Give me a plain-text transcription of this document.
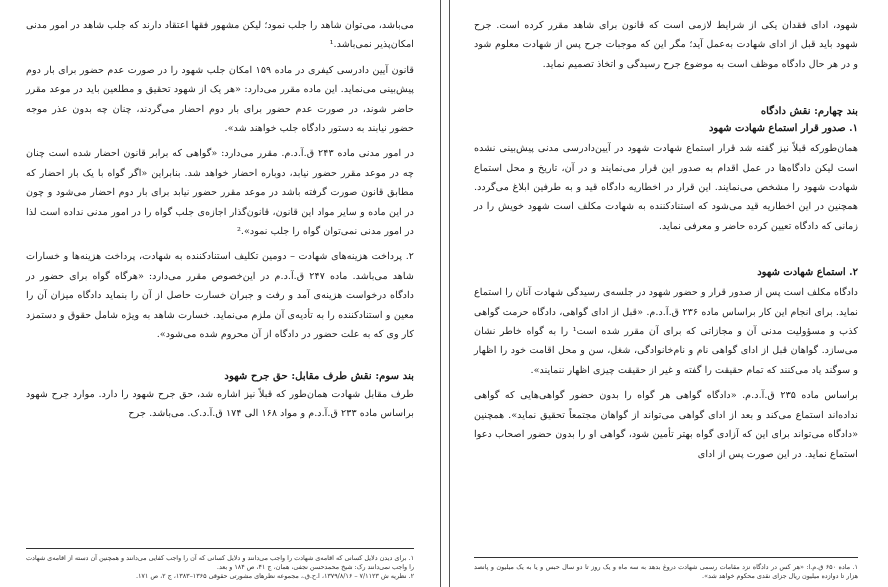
شهود، ادای فقدان یکی از شرایط لازمی است که قانون برای شاهد مقرر کرده است. جرح شهود باید قبل از ادای شهادت به‌عمل آید؛ مگر این که موجبات جرح پس از شهادت معلوم شود و در هر حال دادگاه موظف است به موضوع جرح رسیدگی و اتخاذ تصمیم نماید.

بند چهارم: نقش دادگاه

۱. صدور قرار استماع شهادت شهود

همان‌طورکه قبلاً نیز گفته شد قرار استماع شهادت شهود در آیین‌دادرسی مدنی پیش‌بینی نشده است لیکن دادگاه‌ها در عمل اقدام به صدور این قرار می‌نمایند و در آن، تاریخ و محل استماع شهادت شهود را مشخص می‌نمایند. این قرار در اخطاریه دادگاه قید و به طرفین ابلاغ می‌گردد. همچنین در این اخطاریه قید می‌شود که استنادکننده به شهادت مکلف است شهود خویش را در زمانی که دادگاه تعیین کرده حاضر و معرفی نماید.

۲. استماع شهادت شهود

دادگاه مکلف است پس از صدور قرار و حضور شهود در جلسه‌ی رسیدگی شهادت آنان را استماع نماید. برای انجام این کار براساس ماده ۲۳۶ ق.آ.د.م. «قبل از ادای گواهی، دادگاه حرمت گواهی کذب و مسؤولیت مدنی آن و مجازاتی که برای آن مقرر شده است¹ را به گواه خاطر نشان می‌سازد. گواهان قبل از ادای گواهی نام و نام‌خانوادگی، شغل، سن و محل اقامت خود را اظهار و سوگند یاد می‌کنند که تمام حقیقت را گفته و غیر از حقیقت چیزی اظهار ننمایند».

براساس ماده ۲۳۵ ق.آ.د.م. «دادگاه گواهی هر گواه را بدون حضور گواهی‌هایی که گواهی نداده‌اند استماع می‌کند و بعد از ادای گواهی می‌تواند از گواهان مجتمعاً تحقیق نماید». همچنین «دادگاه می‌تواند برای این که آزادی گواه بهتر تأمین شود، گواهی او را بدون حضور اصحاب دعوا استماع نماید. در این صورت پس از ادای

۱. ماده ۶۵۰ ق.م.ا: «هر کس در دادگاه نزد مقامات رسمی شهادت دروغ بدهد به سه ماه و یک روز تا دو سال حبس و یا به یک میلیون و پانصد هزار تا دوازده میلیون ریال جزای نقدی محکوم خواهد شد».

می‌باشد، می‌توان شاهد را جلب نمود؛ لیکن مشهور فقها اعتقاد دارند که جلب شاهد در امور مدنی امکان‌پذیر نمی‌باشد.¹

قانون آیین دادرسی کیفری در ماده ۱۵۹ امکان جلب شهود را در صورت عدم حضور برای بار دوم پیش‌بینی می‌نماید. این ماده مقرر می‌دارد: «هر یک از شهود تحقیق و مطلعین باید در موعد مقرر حاضر شوند، در صورت عدم حضور برای بار دوم احضار می‌گردند، چنان چه بدون عذر موجه حضور نیابند به دستور دادگاه جلب خواهند شد».

در امور مدنی ماده ۲۴۳ ق.آ.د.م. مقرر می‌دارد: «گواهی که برابر قانون احضار شده است چنان چه در موعد مقرر حضور نیابد، دوباره احضار خواهد شد. بنابراین «اگر گواه با یک بار احضار که مطابق قانون صورت گرفته باشد در موعد مقرر حضور نیابد برای بار دوم احضار می‌شود و چون در این ماده و سایر مواد این قانون، قانون‌گذار اجازه‌ی جلب گواه را در امور مدنی نداده است لذا در امور مدنی نمی‌توان گواه را جلب نمود».²

۲. پرداخت هزینه‌های شهادت – دومین تکلیف استنادکننده به شهادت، پرداخت هزینه‌ها و خسارات شاهد می‌باشد. ماده ۲۴۷ ق.آ.د.م در این‌خصوص مقرر می‌دارد: «هرگاه گواه برای حضور در دادگاه درخواست هزینه‌ی آمد و رفت و جبران خسارت حاصل از آن را بنماید دادگاه میزان آن را معین و استنادکننده را به تأدیه‌ی آن ملزم می‌نماید. خسارت شاهد به ویژه شامل حقوق و دستمزد کار وی که به علت حضور در دادگاه از آن محروم شده می‌شود».

بند سوم: نقش طرف مقابل: حق جرح شهود

طرف مقابل شهادت همان‌طور که قبلاً نیز اشاره شد، حق جرح شهود را دارد. موارد جرح شهود براساس ماده ۲۳۳ ق.آ.د.م و مواد ۱۶۸ الی ۱۷۴ ق.آ.د.ک. می‌باشد. جرح

۱. برای دیدن دلایل کسانی که اقامه‌ی شهادت را واجب می‌دانند و دلایل کسانی که آن را واجب کفایی می‌دانند و همچنین آن دسته از اقامه‌ی شهادت را واجب نمی‌دانند رک: شیخ محمدحسن نجفی، همان، ج ۴۱، ص ۱۸۴ و بعد.

۲. نظریه ش ۷/۱۱۲۳ – ۱۳۷۹/۸/۱۶، ا.ح.ق.، مجموعه نظرهای مشورتی حقوقی ۱۳۶۵–۱۳۸۳، ج ۲، ص ۱۷۱.
